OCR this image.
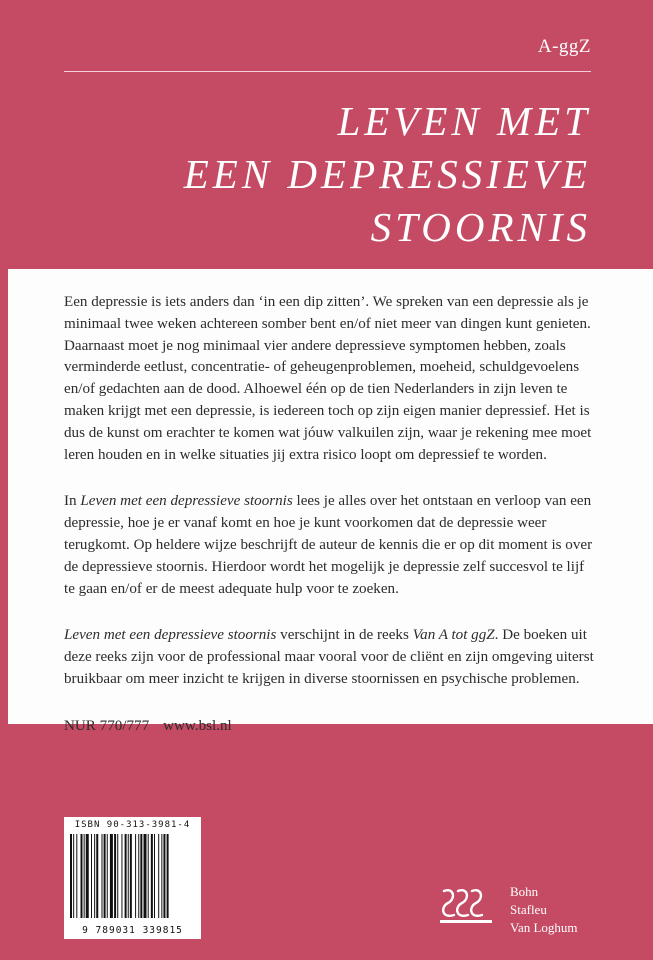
A-ggZ
LEVEN MET
EEN DEPRESSIEVE
STOORNIS

Een depressie is iets anders dan ‘in een dip zitten’. We spreken van een depressie als je minimaal twee weken achtereen somber bent en/of niet meer van dingen kunt genieten. Daarnaast moet je nog minimaal vier andere depressieve symptomen hebben, zoals verminderde eetlust, concentratie- of geheugenproblemen, moeheid, schuldgevoelens en/of gedachten aan de dood. Alhoewel één op de tien Nederlanders in zijn leven te maken krijgt met een depressie, is iedereen toch op zijn eigen manier depressief. Het is dus de kunst om erachter te komen wat jóuw valkuilen zijn, waar je rekening mee moet leren houden en in welke situaties jij extra risico loopt om depressief te worden.

In Leven met een depressieve stoornis lees je alles over het ontstaan en verloop van een depressie, hoe je er vanaf komt en hoe je kunt voorkomen dat de depressie weer terugkomt. Op heldere wijze beschrijft de auteur de kennis die er op dit moment is over de depressieve stoornis. Hierdoor wordt het mogelijk je depressie zelf succesvol te lijf te gaan en/of er de meest adequate hulp voor te zoeken.

Leven met een depressieve stoornis verschijnt in de reeks Van A tot ggZ. De boeken uit deze reeks zijn voor de professional maar vooral voor de cliënt en zijn omgeving uiterst bruikbaar om meer inzicht te krijgen in diverse stoornissen en psychische problemen.

NUR 770/777 www.bsl.nl
ISBN 90-313-3981-4
9 789031 339815
Bohn
Stafleu
Van Loghum
